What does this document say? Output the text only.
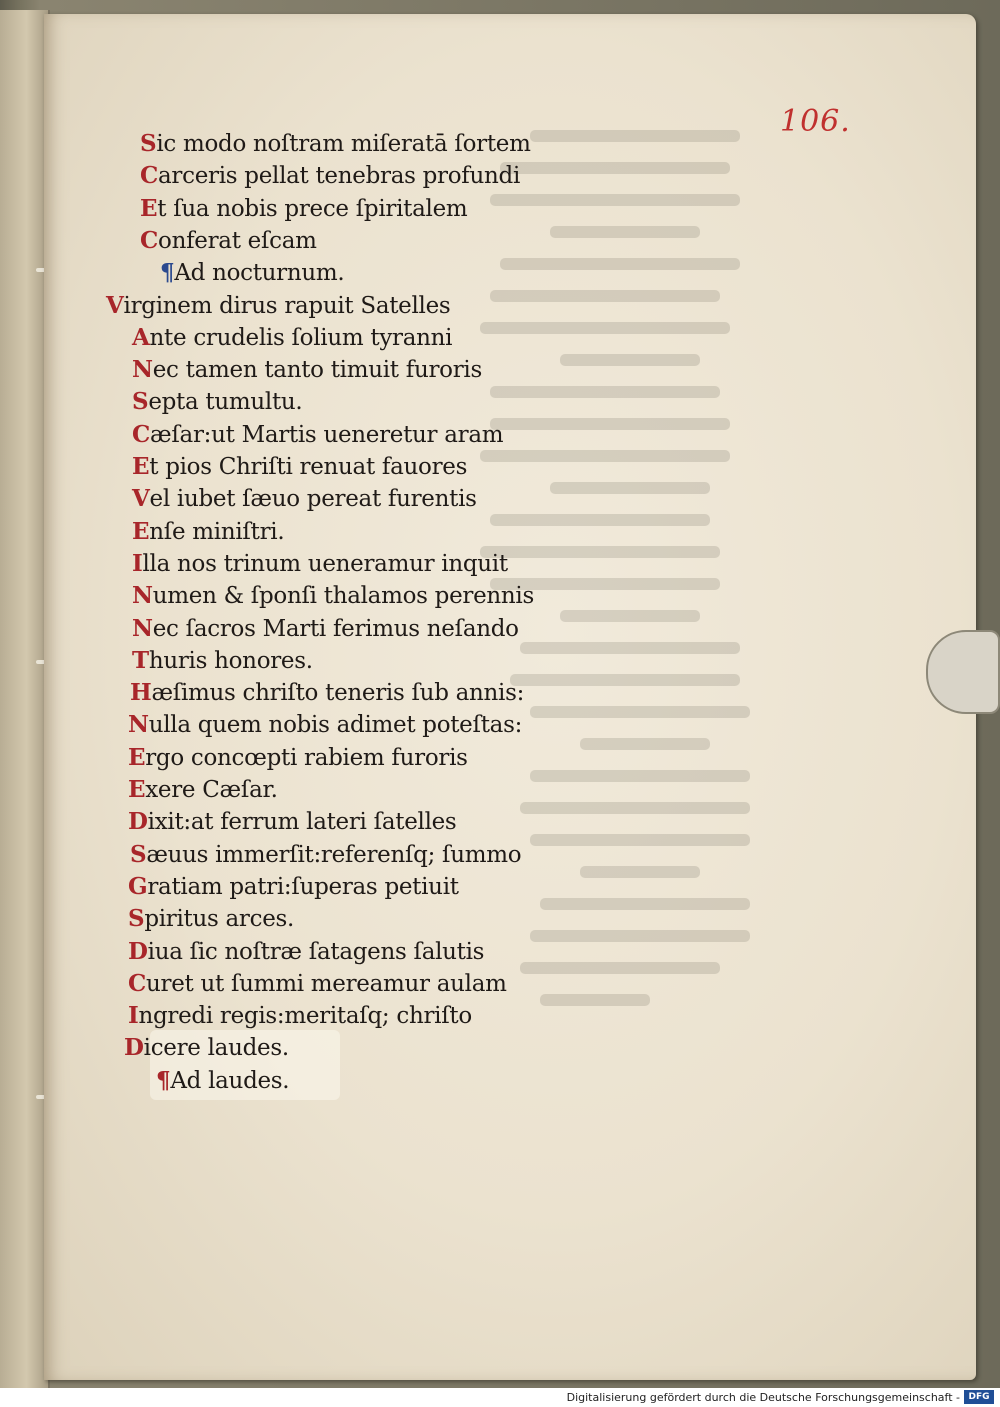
106.
Sic modo noſtram miſeratā ſortem
Carceris pellat tenebras profundi
Et ſua nobis prece ſpiritalem
Conferat eſcam
¶Ad nocturnum.
Virginem dirus rapuit Satelles
Ante crudelis ſolium tyranni
Nec tamen tanto timuit furoris
Septa tumultu.
Cæſar:ut Martis ueneretur aram
Et pios Chriſti renuat fauores
Vel iubet ſæuo pereat furentis
Enſe miniſtri.
Illa nos trinum ueneramur inquit
Numen & ſponſi thalamos perennis
Nec ſacros Marti ferimus neſando
Thuris honores.
Hæſimus chriſto teneris ſub annis:
Nulla quem nobis adimet poteſtas:
Ergo concœpti rabiem furoris
Exere Cæſar.
Dixit:at ferrum lateri ſatelles
Sæuus immerſit:referenſq; ſummo
Gratiam patri:ſuperas petiuit
Spiritus arces.
Diua ſic noſtræ ſatagens ſalutis
Curet ut ſummi mereamur aulam
Ingredi regis:meritaſq; chriſto
Dicere laudes.
¶Ad laudes.
Digitalisierung gefördert durch die Deutsche Forschungsgemeinschaft - DFG
